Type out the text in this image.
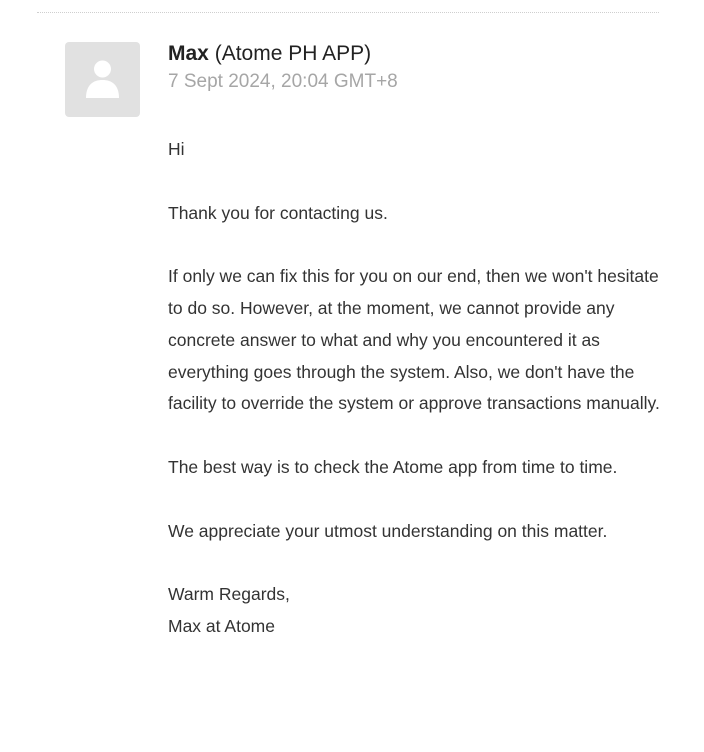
Max (Atome PH APP)
7 Sept 2024, 20:04 GMT+8

Hi

Thank you for contacting us.

If only we can fix this for you on our end, then we won't hesitate to do so. However, at the moment, we cannot provide any concrete answer to what and why you encountered it as everything goes through the system. Also, we don't have the facility to override the system or approve transactions manually.

The best way is to check the Atome app from time to time.

We appreciate your utmost understanding on this matter.

Warm Regards,
Max at Atome
